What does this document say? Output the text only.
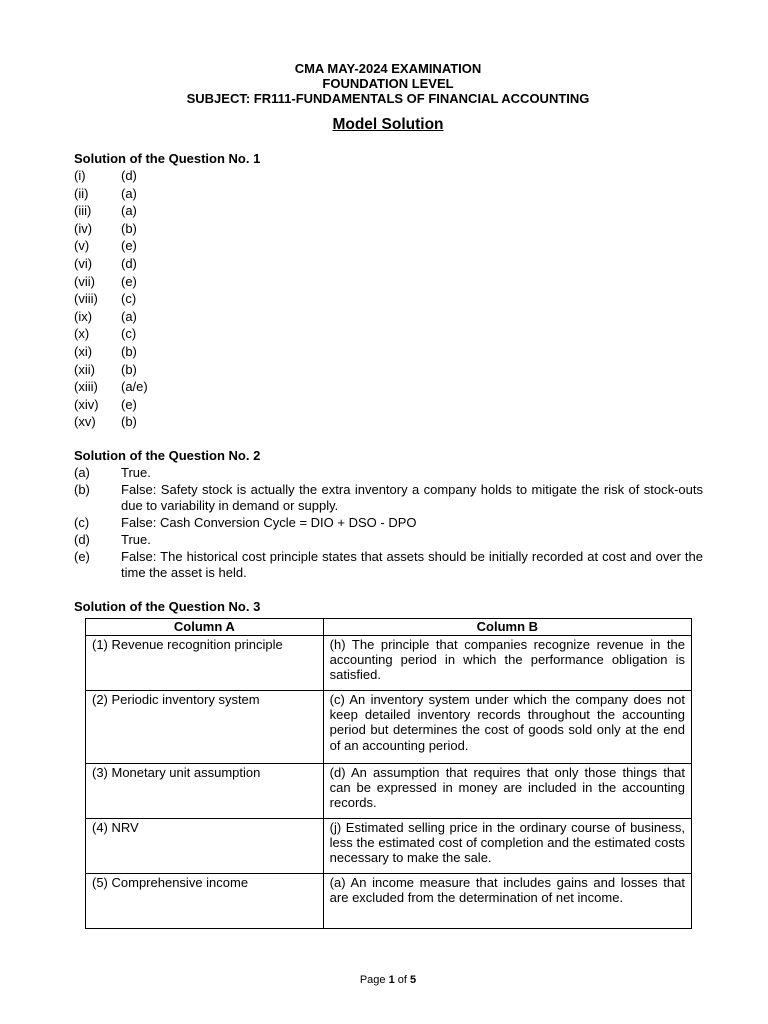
CMA MAY-2024 EXAMINATION
FOUNDATION LEVEL
SUBJECT: FR111-FUNDAMENTALS OF FINANCIAL ACCOUNTING
Model Solution
Solution of the Question No. 1
(i)	(d)
(ii)	(a)
(iii) (a)
(iv) (b)
(v) (e)
(vi) (d)
(vii) (e)
(viii) (c)
(ix) (a)
(x) (c)
(xi) (b)
(xii) (b)
(xiii) (a/e)
(xiv) (e)
(xv) (b)
Solution of the Question No. 2
(a) True.
(b) False: Safety stock is actually the extra inventory a company holds to mitigate the risk of stock-outs due to variability in demand or supply.
(c) False: Cash Conversion Cycle = DIO + DSO - DPO
(d) True.
(e) False: The historical cost principle states that assets should be initially recorded at cost and over the time the asset is held.
Solution of the Question No. 3
Column A	Column B
(1) Revenue recognition principle	(h) The principle that companies recognize revenue in the accounting period in which the performance obligation is satisfied.
(2) Periodic inventory system	(c) An inventory system under which the company does not keep detailed inventory records throughout the accounting period but determines the cost of goods sold only at the end of an accounting period.
(3) Monetary unit assumption	(d) An assumption that requires that only those things that can be expressed in money are included in the accounting records.
(4) NRV	(j) Estimated selling price in the ordinary course of business, less the estimated cost of completion and the estimated costs necessary to make the sale.
(5) Comprehensive income	(a) An income measure that includes gains and losses that are excluded from the determination of net income.
Page 1 of 5
